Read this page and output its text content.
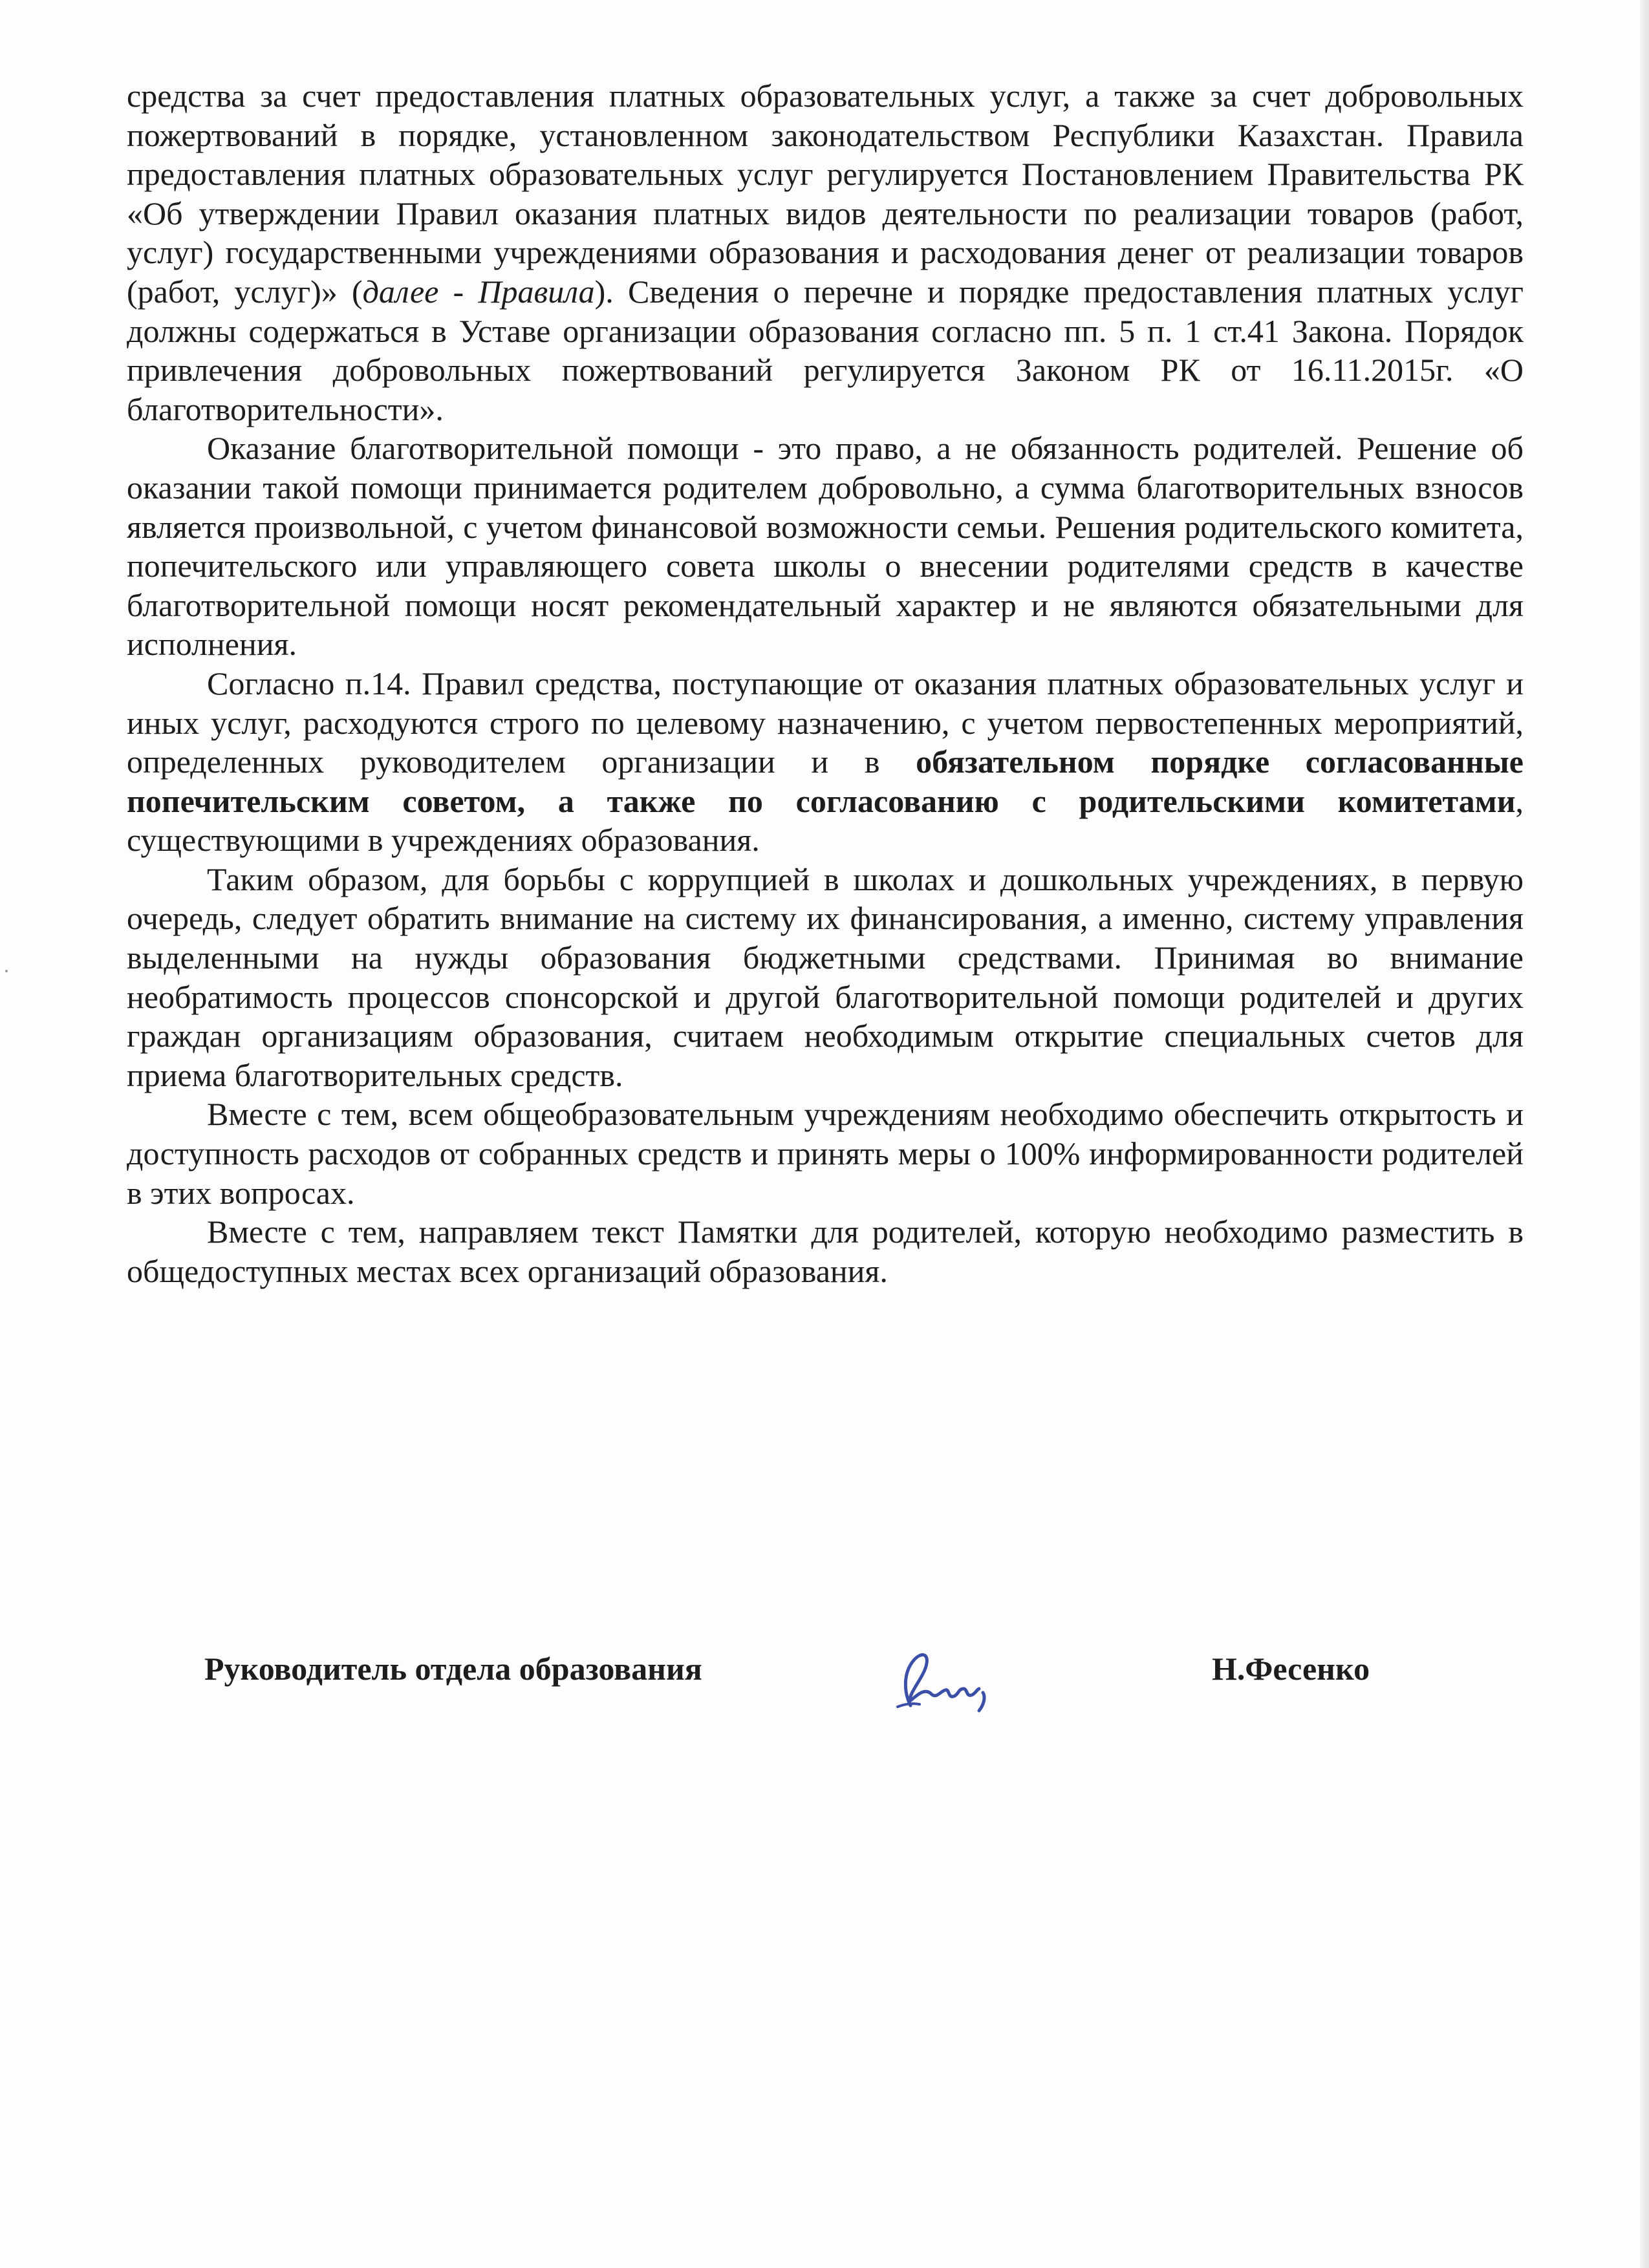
средства за счет предоставления платных образовательных услуг, а также за счет добровольных пожертвований в порядке, установленном законодательством Республики Казахстан. Правила предоставления платных образовательных услуг регулируется Постановлением Правительства РК «Об утверждении Правил оказания платных видов деятельности по реализации товаров (работ, услуг) государственными учреждениями образования и расходования денег от реализации товаров (работ, услуг)» (далее - Правила). Сведения о перечне и порядке предоставления платных услуг должны содержаться в Уставе организации образования согласно пп. 5 п. 1 ст.41 Закона. Порядок привлечения добровольных пожертвований регулируется Законом РК от 16.11.2015г. «О благотворительности».

Оказание благотворительной помощи - это право, а не обязанность родителей. Решение об оказании такой помощи принимается родителем добровольно, а сумма благотворительных взносов является произвольной, с учетом финансовой возможности семьи. Решения родительского комитета, попечительского или управляющего совета школы о внесении родителями средств в качестве благотворительной помощи носят рекомендательный характер и не являются обязательными для исполнения.

Согласно п.14. Правил средства, поступающие от оказания платных образовательных услуг и иных услуг, расходуются строго по целевому назначению, с учетом первостепенных мероприятий, определенных руководителем организации и в обязательном порядке согласованные попечительским советом, а также по согласованию с родительскими комитетами, существующими в учреждениях образования.

Таким образом, для борьбы с коррупцией в школах и дошкольных учреждениях, в первую очередь, следует обратить внимание на систему их финансирования, а именно, систему управления выделенными на нужды образования бюджетными средствами. Принимая во внимание необратимость процессов спонсорской и другой благотворительной помощи родителей и других граждан организациям образования, считаем необходимым открытие специальных счетов для приема благотворительных средств.

Вместе с тем, всем общеобразовательным учреждениям необходимо обеспечить открытость и доступность расходов от собранных средств и принять меры о 100% информированности родителей в этих вопросах.

Вместе с тем, направляем текст Памятки для родителей, которую необходимо разместить в общедоступных местах всех организаций образования.

Руководитель отдела образования	Н.Фесенко
